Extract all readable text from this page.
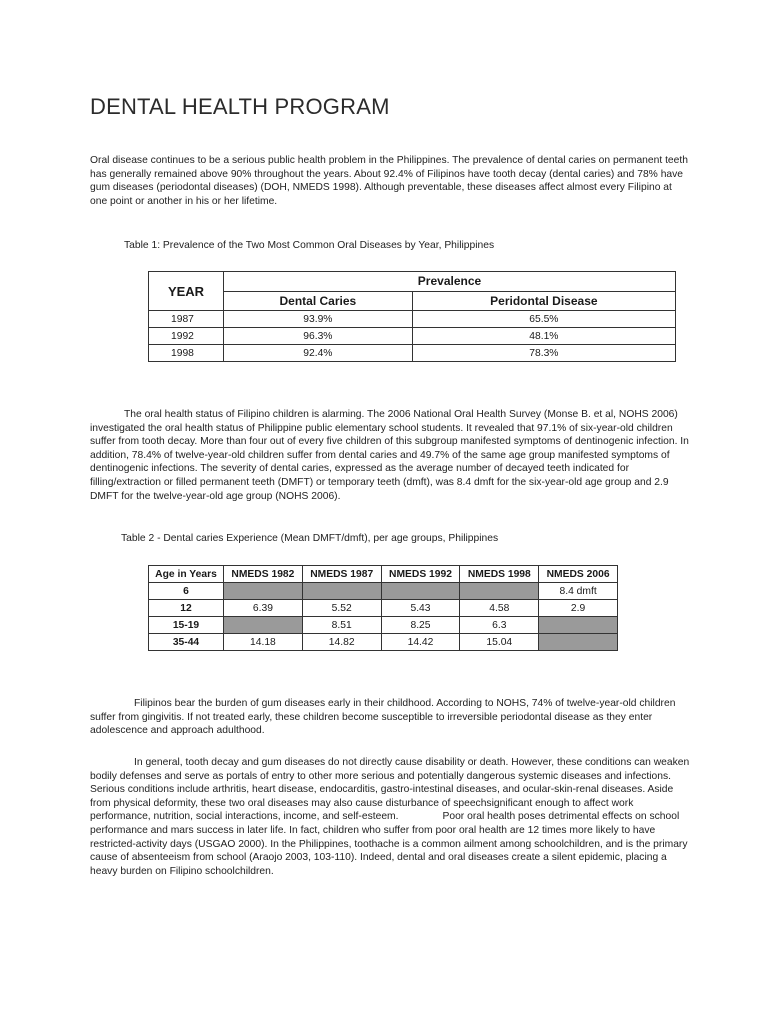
DENTAL HEALTH PROGRAM

Oral disease continues to be a serious public health problem in the Philippines. The prevalence of dental caries on permanent teeth has generally remained above 90% throughout the years. About 92.4% of Filipinos have tooth decay (dental caries) and 78% have gum diseases (periodontal diseases) (DOH, NMEDS 1998). Although preventable, these diseases affect almost every Filipino at one point or another in his or her lifetime.

Table 1: Prevalence of the Two Most Common Oral Diseases by Year, Philippines

YEAR	Prevalence	
	Dental Caries	Peridontal Disease
1987	93.9%	65.5%
1992	96.3%	48.1%
1998	92.4%	78.3%

The oral health status of Filipino children is alarming. The 2006 National Oral Health Survey (Monse B. et al, NOHS 2006) investigated the oral health status of Philippine public elementary school students. It revealed that 97.1% of six-year-old children suffer from tooth decay. More than four out of every five children of this subgroup manifested symptoms of dentinogenic infection. In addition, 78.4% of twelve-year-old children suffer from dental caries and 49.7% of the same age group manifested symptoms of dentinogenic infections. The severity of dental caries, expressed as the average number of decayed teeth indicated for filling/extraction or filled permanent teeth (DMFT) or temporary teeth (dmft), was 8.4 dmft for the six-year-old age group and 2.9 DMFT for the twelve-year-old age group (NOHS 2006).

Table 2 - Dental caries Experience (Mean DMFT/dmft), per age groups, Philippines

Age in Years	NMEDS 1982	NMEDS 1987	NMEDS 1992	NMEDS 1998	NMEDS 2006
6					8.4 dmft
12	6.39	5.52	5.43	4.58	2.9
15-19		8.51	8.25	6.3	
35-44	14.18	14.82	14.42	15.04	

Filipinos bear the burden of gum diseases early in their childhood. According to NOHS, 74% of twelve-year-old children suffer from gingivitis. If not treated early, these children become susceptible to irreversible periodontal disease as they enter adolescence and approach adulthood.

In general, tooth decay and gum diseases do not directly cause disability or death. However, these conditions can weaken bodily defenses and serve as portals of entry to other more serious and potentially dangerous systemic diseases and infections. Serious conditions include arthritis, heart disease, endocarditis, gastro-intestinal diseases, and ocular-skin-renal diseases. Aside from physical deformity, these two oral diseases may also cause disturbance of speechsignificant enough to affect work performance, nutrition, social interactions, income, and self-esteem.	Poor oral health poses detrimental effects on school performance and mars success in later life. In fact, children who suffer from poor oral health are 12 times more likely to have restricted-activity days (USGAO 2000). In the Philippines, toothache is a common ailment among schoolchildren, and is the primary cause of absenteeism from school (Araojo 2003, 103-110). Indeed, dental and oral diseases create a silent epidemic, placing a heavy burden on Filipino schoolchildren.
